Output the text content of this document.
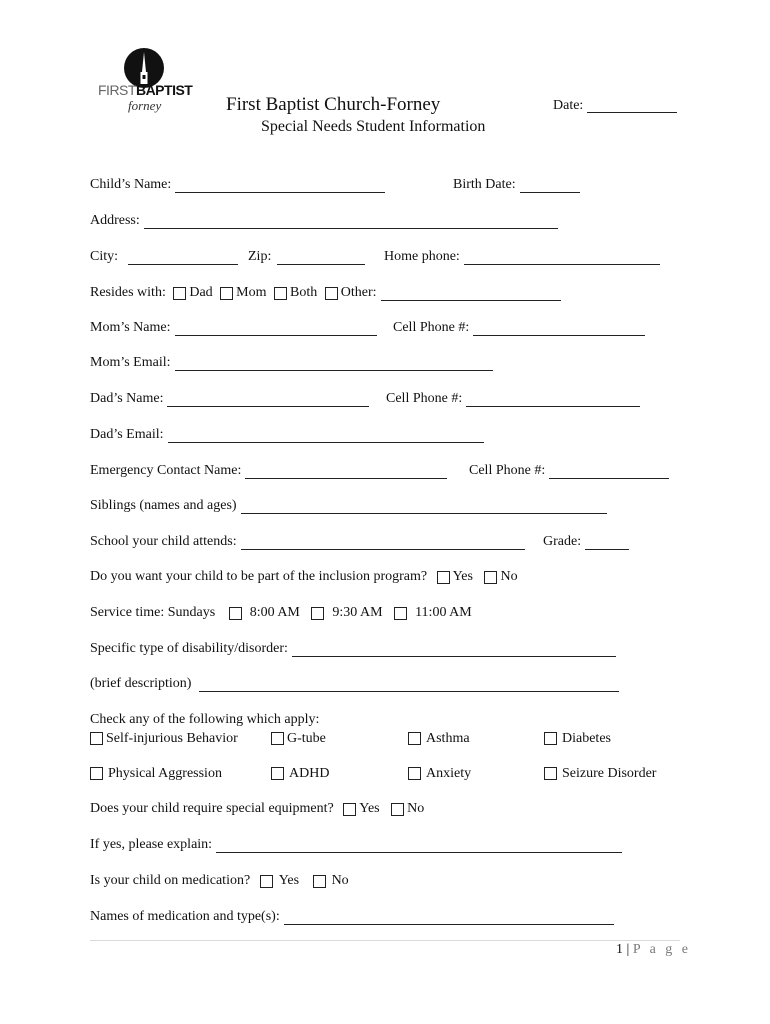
FIRSTBAPTIST
forney	First Baptist Church-Forney	Date:
Special Needs Student Information
Child’s Name:	Birth Date:
Address:
City:	Zip:	Home phone:
Resides with: Dad Mom Both Other:
Mom’s Name:	Cell Phone #:
Mom’s Email:
Dad’s Name:	Cell Phone #:
Dad’s Email:
Emergency Contact Name:	Cell Phone #:
Siblings (names and ages)
School your child attends:	Grade:
Do you want your child to be part of the inclusion program? Yes No
Service time: Sundays 8:00 AM 9:30 AM 11:00 AM
Specific type of disability/disorder:
(brief description)
Check any of the following which apply:
Self-injurious Behavior	G-tube	Asthma	Diabetes
Physical Aggression	ADHD	Anxiety	Seizure Disorder
Does your child require special equipment? Yes No
If yes, please explain:
Is your child on medication? Yes No
Names of medication and type(s):
1 | P a g e
